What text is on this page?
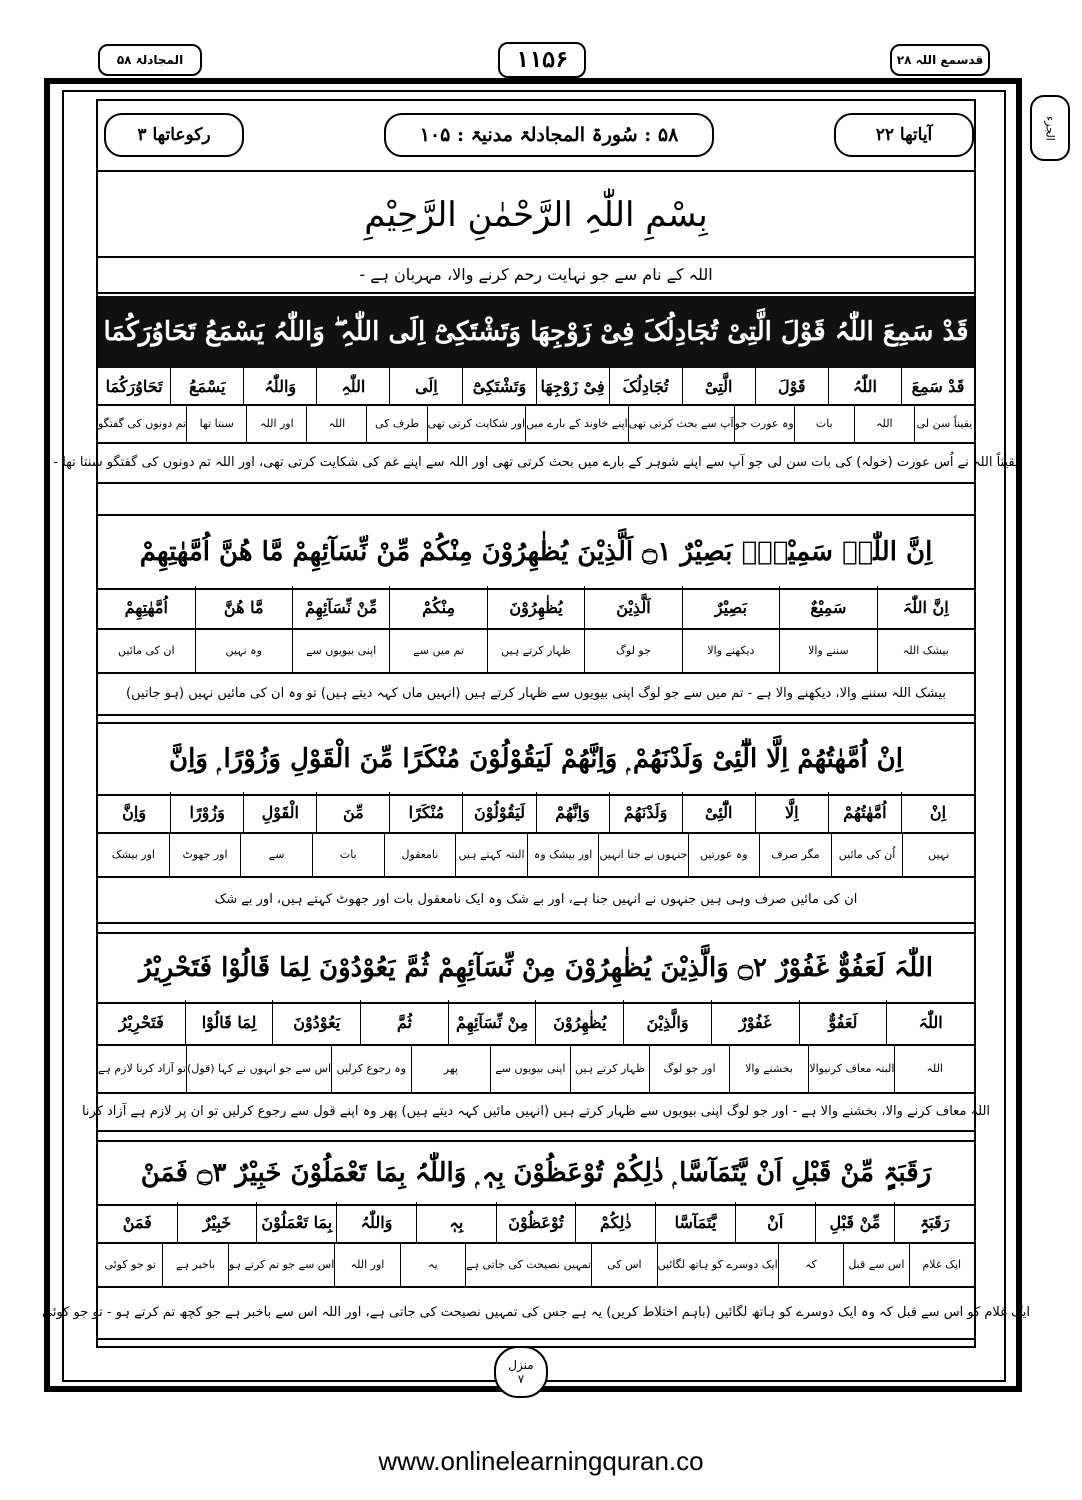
المجادلۃ ۵۸	۱۱۵۶	قدسمع اللہ ۲۸
الجزء
آیاتھا ۲۲
۵۸ : سُورۃ المجادلۃ مدنیۃ : ۱۰۵
رکوعاتھا ۳
بِسْمِ اللّٰہِ الرَّحْمٰنِ الرَّحِیْمِ
اللہ کے نام سے جو نہایت رحم کرنے والا، مہربان ہے -
قَدْ سَمِعَ اللّٰہُ قَوْلَ الَّتِیْ تُجَادِلُکَ فِیْ زَوْجِھَا وَتَشْتَکِیْٓ اِلَی اللّٰہِ ۖ وَاللّٰہُ یَسْمَعُ تَحَاوُرَکُمَا
قَدْ سَمِعَ
اللّٰہُ
قَوْلَ
الَّتِیْ
تُجَادِلُکَ
فِیْ زَوْجِھَا
وَتَشْتَکِیْٓ
اِلَی
اللّٰہِ
وَاللّٰہُ
یَسْمَعُ
تَحَاوُرَکُمَا
یقیناً سن لی
اللہ
بات
وہ عورت جو
آپ سے بحث کرتی تھی
اپنے خاوند کے بارے میں
اور شکایت کرتی تھی
طرف کی
اللہ
اور اللہ
سنتا تھا
تم دونوں کی گفتگو
یقیناً اللہ نے اُس عورت (خولہ) کی بات سن لی جو آپ سے اپنے شوہر کے بارے میں بحث کرتی تھی اور اللہ سے اپنے غم کی شکایت کرتی تھی، اور اللہ تم دونوں کی گفتگو سنتا تھا -
اِنَّ اللّٰہَ سَمِیْعٌۢ بَصِیْرٌ ۝۱ اَلَّذِیْنَ یُظٰھِرُوْنَ مِنْکُمْ مِّنْ نِّسَآئِھِمْ مَّا ھُنَّ اُمَّھٰتِھِمْ
اِنَّ اللّٰہَ
سَمِیْعٌ
بَصِیْرٌ
اَلَّذِیْنَ
یُظٰھِرُوْنَ
مِنْکُمْ
مِّنْ نِّسَآئِھِمْ
مَّا ھُنَّ
اُمَّھٰتِھِمْ
بیشک اللہ
سننے والا
دیکھنے والا
جو لوگ
ظہار کرتے ہیں
تم میں سے
اپنی بیویوں سے
وہ نہیں
ان کی مائیں
بیشک اللہ سننے والا، دیکھنے والا ہے - تم میں سے جو لوگ اپنی بیویوں سے ظہار کرتے ہیں (انہیں ماں کہہ دیتے ہیں) تو وہ ان کی مائیں نہیں (ہو جاتیں)
اِنْ اُمَّھٰتُھُمْ اِلَّا الّٰٓئِیْ وَلَدْنَھُمْ ۭ وَاِنَّھُمْ لَیَقُوْلُوْنَ مُنْکَرًا مِّنَ الْقَوْلِ وَزُوْرًا ۭ وَاِنَّ
اِنْ
اُمَّھٰتُھُمْ
اِلَّا
الّٰٓئِیْ
وَلَدْنَھُمْ
وَاِنَّھُمْ
لَیَقُوْلُوْنَ
مُنْکَرًا
مِّنَ
الْقَوْلِ
وَزُوْرًا
وَاِنَّ
نہیں
اُن کی مائیں
مگر صرف
وہ عورتیں
جنہوں نے جنا انہیں
اور بیشک وہ
البتہ کہتے ہیں
نامعقول
بات
سے
اور جھوٹ
اور بیشک
ان کی مائیں صرف وہی ہیں جنہوں نے انہیں جنا ہے، اور بے شک وہ ایک نامعقول بات اور جھوٹ کہتے ہیں، اور بے شک
اللّٰہَ لَعَفُوٌّ غَفُوْرٌ ۝۲ وَالَّذِیْنَ یُظٰھِرُوْنَ مِنْ نِّسَآئِھِمْ ثُمَّ یَعُوْدُوْنَ لِمَا قَالُوْا فَتَحْرِیْرُ
اللّٰہَ
لَعَفُوٌّ
غَفُوْرٌ
وَالَّذِیْنَ
یُظٰھِرُوْنَ
مِنْ نِّسَآئِھِمْ
ثُمَّ
یَعُوْدُوْنَ
لِمَا قَالُوْا
فَتَحْرِیْرُ
اللہ
البتہ معاف کرنیوالا
بخشنے والا
اور جو لوگ
ظہار کرتے ہیں
اپنی بیویوں سے
پھر
وہ رجوع کرلیں
اس سے جو انہوں نے کہا (قول)
تو آزاد کرنا لازم ہے
اللہ معاف کرنے والا، بخشنے والا ہے - اور جو لوگ اپنی بیویوں سے ظہار کرتے ہیں (انہیں مائیں کہہ دیتے ہیں) پھر وہ اپنے قول سے رجوع کرلیں تو ان پر لازم ہے آزاد کرنا
رَقَبَۃٍ مِّنْ قَبْلِ اَنْ یَّتَمَآسَّا ۭ ذٰلِکُمْ تُوْعَظُوْنَ بِہٖ ۭ وَاللّٰہُ بِمَا تَعْمَلُوْنَ خَبِیْرٌ ۝۳ فَمَنْ
رَقَبَۃٍ
مِّنْ قَبْلِ
اَنْ
یَّتَمَآسَّا
ذٰلِکُمْ
تُوْعَظُوْنَ
بِہٖ
وَاللّٰہُ
بِمَا تَعْمَلُوْنَ
خَبِیْرٌ
فَمَنْ
ایک غلام
اس سے قبل
کہ
ایک دوسرے کو ہاتھ لگائیں
اس کی
تمہیں نصیحت کی جاتی ہے
یہ
اور اللہ
اس سے جو تم کرتے ہو
باخبر ہے
تو جو کوئی
ایک غلام کو اس سے قبل کہ وہ ایک دوسرے کو ہاتھ لگائیں (باہم اختلاط کریں) یہ ہے جس کی تمہیں نصیحت کی جاتی ہے، اور اللہ اس سے باخبر ہے جو کچھ تم کرتے ہو - تو جو کوئی
منزل
۷
www.onlinelearningquran.co
